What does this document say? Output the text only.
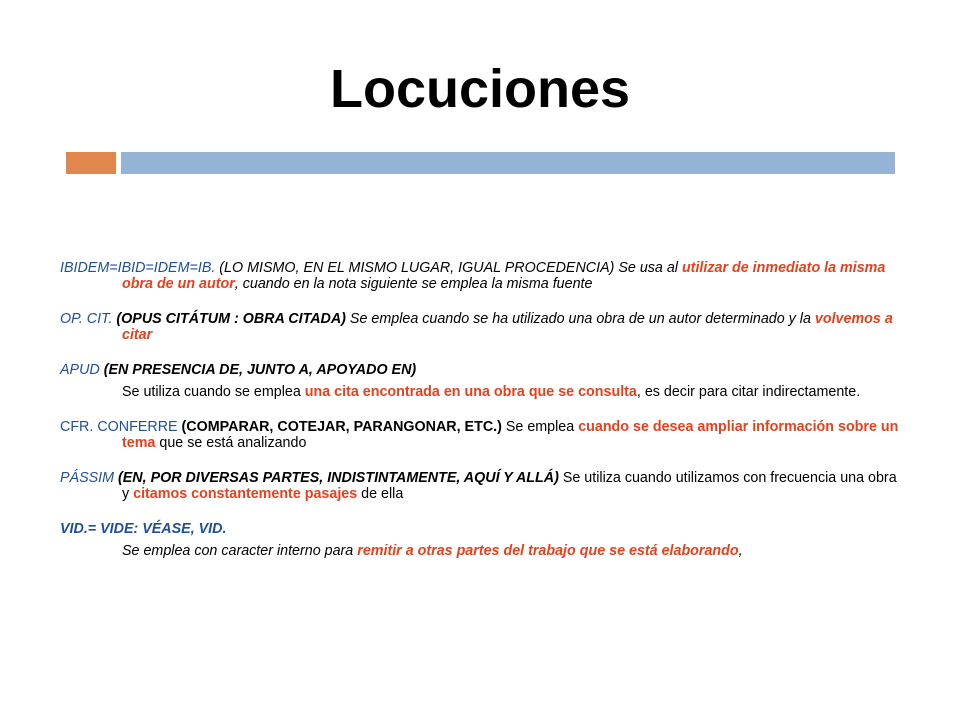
Locuciones
IBIDEM=IBID=IDEM=IB. (LO MISMO, EN EL MISMO LUGAR, IGUAL PROCEDENCIA) Se usa al utilizar de inmediato la misma obra de un autor, cuando en la nota siguiente se emplea la misma fuente
OP. CIT. (OPUS CITÁTUM : OBRA CITADA) Se emplea cuando se ha utilizado una obra de un autor determinado y la volvemos a citar
APUD (EN PRESENCIA DE, JUNTO A, APOYADO EN)
Se utiliza cuando se emplea una cita encontrada en una obra que se consulta, es decir para citar indirectamente.
CFR. CONFERRE (COMPARAR, COTEJAR, PARANGONAR, ETC.) Se emplea cuando se desea ampliar información sobre un tema que se está analizando
PÁSSIM (EN, POR DIVERSAS PARTES, INDISTINTAMENTE, AQUÍ Y ALLÁ) Se utiliza cuando utilizamos con frecuencia una obra y citamos constantemente pasajes de ella
VID.= VIDE: VÉASE, VID.
Se emplea con caracter interno para remitir a otras partes del trabajo que se está elaborando,
